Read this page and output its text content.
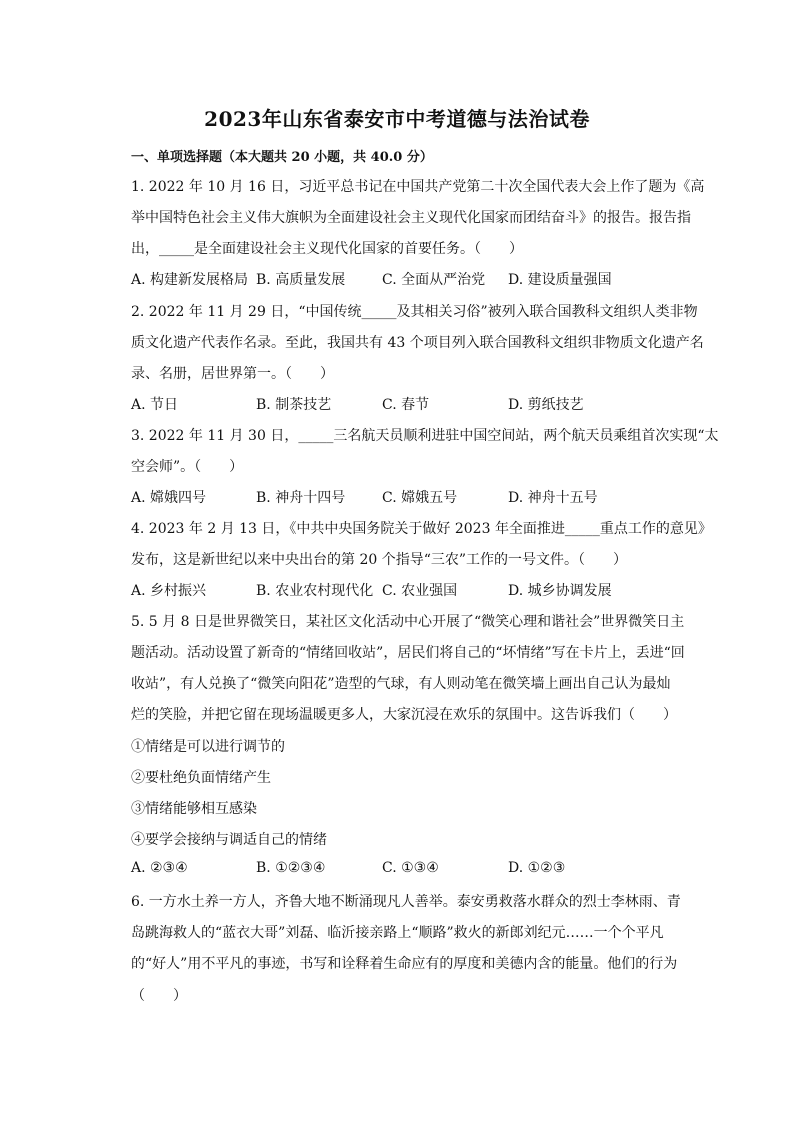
2023年山东省泰安市中考道德与法治试卷
一、单项选择题（本大题共 20 小题，共 40.0 分）
1. 2022 年 10 月 16 日，习近平总书记在中国共产党第二十次全国代表大会上作了题为《高
举中国特色社会主义伟大旗帜为全面建设社会主义现代化国家而团结奋斗》的报告。报告指
出，_____是全面建设社会主义现代化国家的首要任务。（　　）
A. 构建新发展格局 B. 高质量发展	C. 全面从严治党 D. 建设质量强国
2. 2022 年 11 月 29 日，“中国传统_____及其相关习俗”被列入联合国教科文组织人类非物
质文化遗产代表作名录。至此，我国共有 43 个项目列入联合国教科文组织非物质文化遗产名
录、名册，居世界第一。（　　）
A. 节日	B. 制茶技艺	C. 春节	D. 剪纸技艺
3. 2022 年 11 月 30 日，_____三名航天员顺利进驻中国空间站，两个航天员乘组首次实现“太
空会师”。（　　）
A. 嫦娥四号	B. 神舟十四号	C. 嫦娥五号	D. 神舟十五号
4. 2023 年 2 月 13 日，《中共中央国务院关于做好 2023 年全面推进_____重点工作的意见》
发布，这是新世纪以来中央出台的第 20 个指导“三农”工作的一号文件。（　　）
A. 乡村振兴	B. 农业农村现代化 C. 农业强国	D. 城乡协调发展
5. 5 月 8 日是世界微笑日，某社区文化活动中心开展了“微笑心理和谐社会”世界微笑日主
题活动。活动设置了新奇的“情绪回收站”，居民们将自己的“坏情绪”写在卡片上，丢进“回
收站”，有人兑换了“微笑向阳花”造型的气球，有人则动笔在微笑墙上画出自己认为最灿
烂的笑脸，并把它留在现场温暖更多人，大家沉浸在欢乐的氛围中。这告诉我们（　　）
①情绪是可以进行调节的
②要杜绝负面情绪产生
③情绪能够相互感染
④要学会接纳与调适自己的情绪
A. ②③④	B. ①②③④	C. ①③④	D. ①②③
6. 一方水土养一方人，齐鲁大地不断涌现凡人善举。泰安勇救落水群众的烈士李林雨、青
岛跳海救人的“蓝衣大哥”刘磊、临沂接亲路上“顺路”救火的新郎刘纪元……一个个平凡
的“好人”用不平凡的事迹，书写和诠释着生命应有的厚度和美德内含的能量。他们的行为
（　　）
